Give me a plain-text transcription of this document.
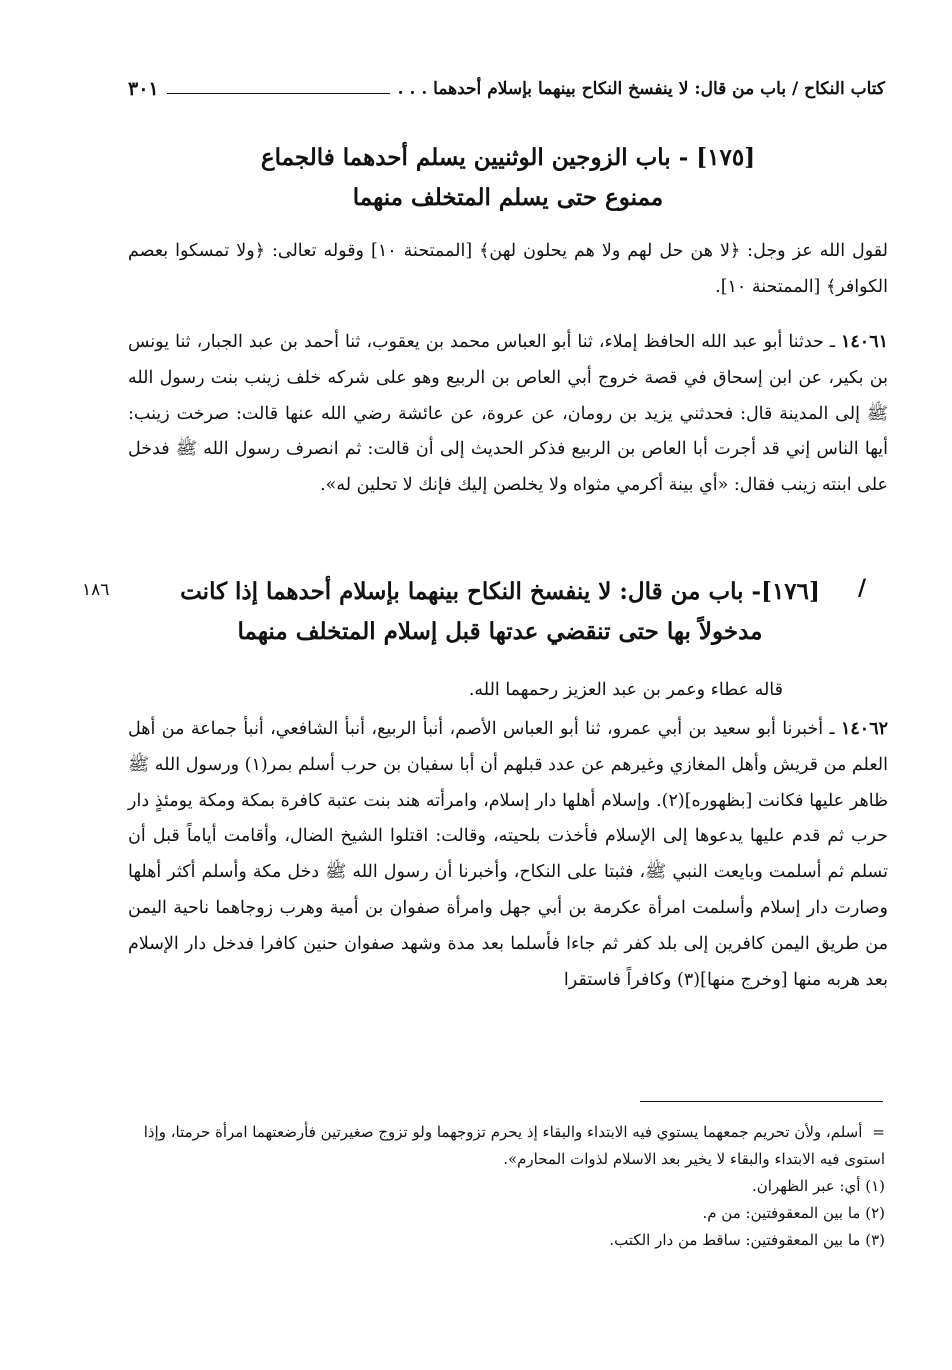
كتاب النكاح / باب من قال: لا ينفسخ النكاح بينهما بإسلام أحدهما . . .
٣٠١
[١٧٥] - باب الزوجين الوثنيين يسلم أحدهما فالجماع
ممنوع حتى يسلم المتخلف منهما
لقول الله عز وجل: ﴿لا هن حل لهم ولا هم يحلون لهن﴾ [الممتحنة ١٠] وقوله تعالى: ﴿ولا تمسكوا بعصم الكوافر﴾ [الممتحنة ١٠].
١٤٠٦١ ـ حدثنا أبو عبد الله الحافظ إملاء، ثنا أبو العباس محمد بن يعقوب، ثنا أحمد بن عبد الجبار، ثنا يونس بن بكير، عن ابن إسحاق في قصة خروج أبي العاص بن الربيع وهو على شركه خلف زينب بنت رسول الله ﷺ إلى المدينة قال: فحدثني يزيد بن رومان، عن عروة، عن عائشة رضي الله عنها قالت: صرخت زينب: أيها الناس إني قد أجرت أبا العاص بن الربيع فذكر الحديث إلى أن قالت: ثم انصرف رسول الله ﷺ فدخل على ابنته زينب فقال: «أي بينة أكرمي مثواه ولا يخلصن إليك فإنك لا تحلين له».
/
١٨٦	[١٧٦]- باب من قال: لا ينفسخ النكاح بينهما بإسلام أحدهما إذا كانت
مدخولاً بها حتى تنقضي عدتها قبل إسلام المتخلف منهما
قاله عطاء وعمر بن عبد العزيز رحمهما الله.
١٤٠٦٢ ـ أخبرنا أبو سعيد بن أبي عمرو، ثنا أبو العباس الأصم، أنبأ الربيع، أنبأ الشافعي، أنبأ جماعة من أهل العلم من قريش وأهل المغازي وغيرهم عن عدد قبلهم أن أبا سفيان بن حرب أسلم بمر(١) ورسول الله ﷺ ظاهر عليها فكانت [بظهوره](٢). وإسلام أهلها دار إسلام، وامرأته هند بنت عتبة كافرة بمكة ومكة يومئذٍ دار حرب ثم قدم عليها يدعوها إلى الإسلام فأخذت بلحيته، وقالت: اقتلوا الشيخ الضال، وأقامت أياماً قبل أن تسلم ثم أسلمت وبايعت النبي ﷺ، فثبتا على النكاح، وأخبرنا أن رسول الله ﷺ دخل مكة وأسلم أكثر أهلها وصارت دار إسلام وأسلمت امرأة عكرمة بن أبي جهل وامرأة صفوان بن أمية وهرب زوجاهما ناحية اليمن من طريق اليمن كافرين إلى بلد كفر ثم جاءا فأسلما بعد مدة وشهد صفوان حنين كافرا فدخل دار الإسلام بعد هربه منها [وخرج منها](٣) وكافراً فاستقرا
=أسلم، ولأن تحريم جمعهما يستوي فيه الابتداء والبقاء إذ يحرم تزوجهما ولو تزوج صغيرتين فأرضعتهما امرأة حرمتا، وإذا استوى فيه الابتداء والبقاء لا يخير بعد الاسلام لذوات المحارم».
(١) أي: عبر الظهران.
(٢) ما بين المعقوفتين: من م.
(٣) ما بين المعقوفتين: ساقط من دار الكتب.
